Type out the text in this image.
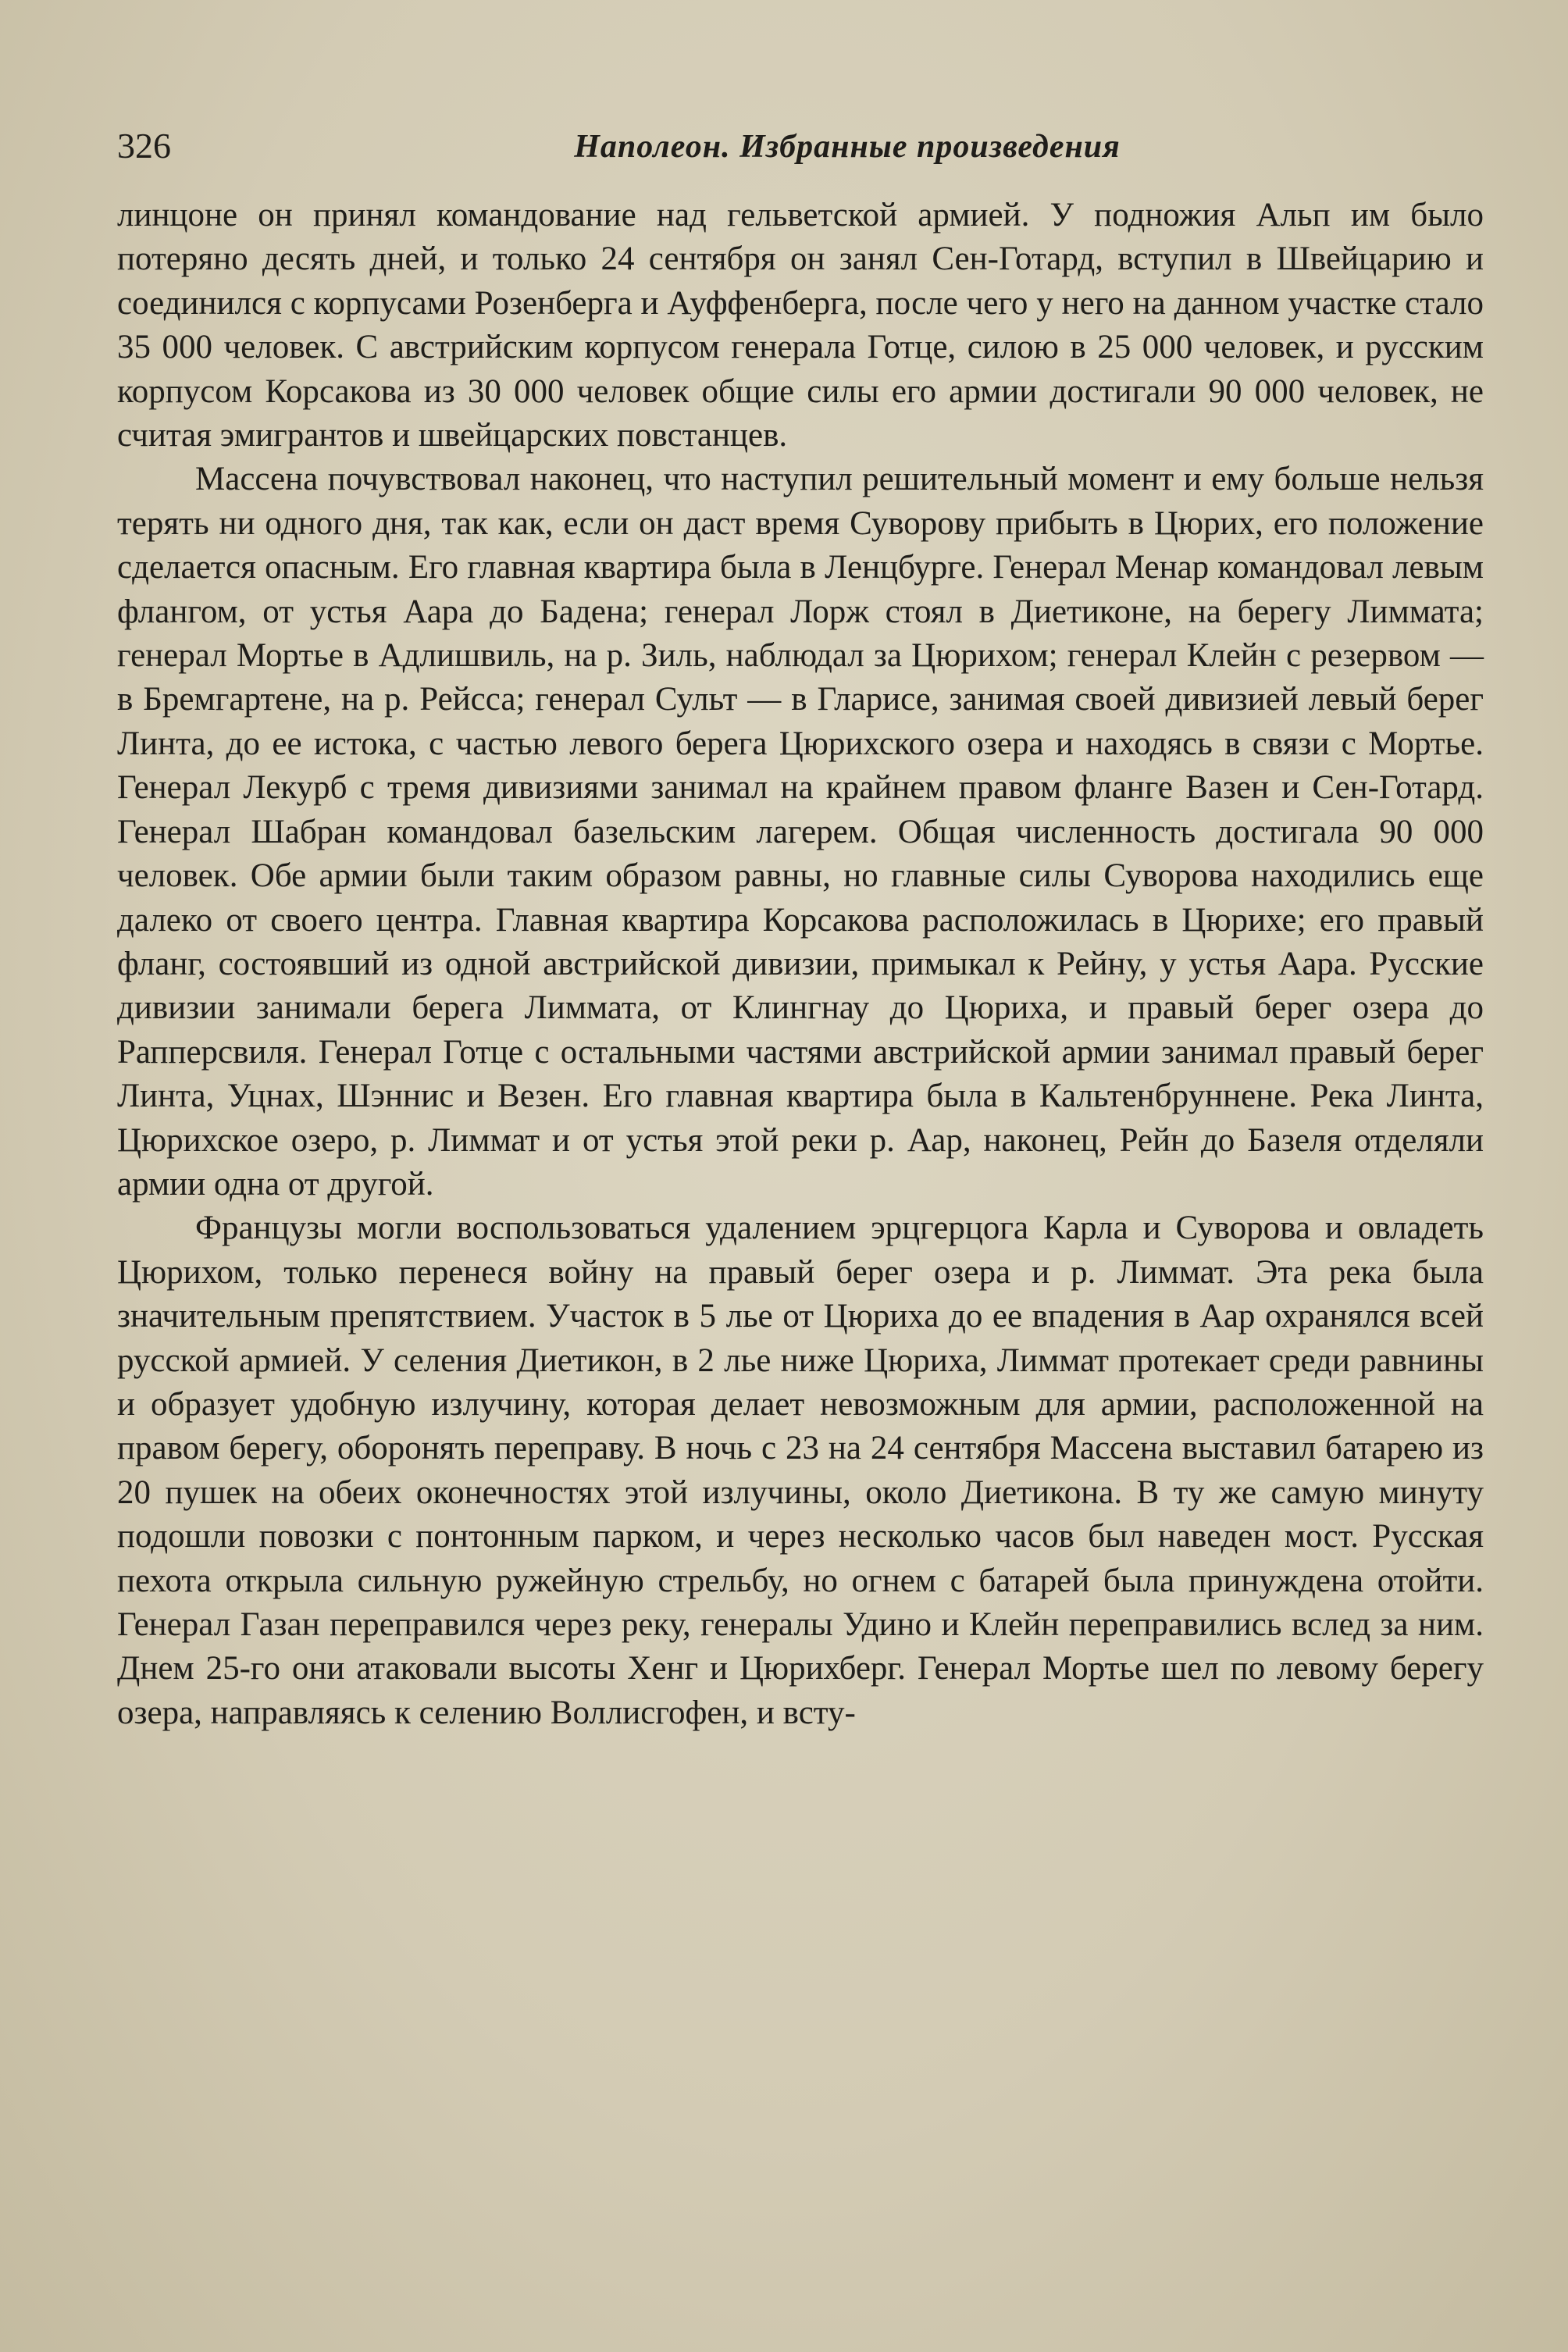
326	Наполеон. Избранные произведения

линцоне он принял командование над гельветской армией. У подножия Альп им было потеряно десять дней, и только 24 сентября он занял Сен-Готард, вступил в Швейцарию и соединился с корпусами Розенберга и Ауффенберга, после чего у него на данном участке стало 35 000 человек. С австрийским корпусом генерала Готце, силою в 25 000 человек, и русским корпусом Корсакова из 30 000 человек общие силы его армии достигали 90 000 человек, не считая эмигрантов и швейцарских повстанцев.

Массена почувствовал наконец, что наступил решительный момент и ему больше нельзя терять ни одного дня, так как, если он даст время Суворову прибыть в Цюрих, его положение сделается опасным. Его главная квартира была в Ленцбурге. Генерал Менар командовал левым флангом, от устья Аара до Бадена; генерал Лорж стоял в Диетиконе, на берегу Лиммата; генерал Мортье в Адлишвиль, на р. Зиль, наблюдал за Цюрихом; генерал Клейн с резервом — в Бремгартене, на р. Рейсса; генерал Сульт — в Гларисе, занимая своей дивизией левый берег Линта, до ее истока, с частью левого берега Цюрихского озера и находясь в связи с Мортье. Генерал Лекурб с тремя дивизиями занимал на крайнем правом фланге Вазен и Сен-Готард. Генерал Шабран командовал базельским лагерем. Общая численность достигала 90 000 человек. Обе армии были таким образом равны, но главные силы Суворова находились еще далеко от своего центра. Главная квартира Корсакова расположилась в Цюрихе; его правый фланг, состоявший из одной австрийской дивизии, примыкал к Рейну, у устья Аара. Русские дивизии занимали берега Лиммата, от Клингнау до Цюриха, и правый берег озера до Рапперсвиля. Генерал Готце с остальными частями австрийской армии занимал правый берег Линта, Уцнах, Шэннис и Везен. Его главная квартира была в Кальтенбруннене. Река Линта, Цюрихское озеро, р. Лиммат и от устья этой реки р. Аар, наконец, Рейн до Базеля отделяли армии одна от другой.

Французы могли воспользоваться удалением эрцгерцога Карла и Суворова и овладеть Цюрихом, только перенеся войну на правый берег озера и р. Лиммат. Эта река была значительным препятствием. Участок в 5 лье от Цюриха до ее впадения в Аар охранялся всей русской армией. У селения Диетикон, в 2 лье ниже Цюриха, Лиммат протекает среди равнины и образует удобную излучину, которая делает невозможным для армии, расположенной на правом берегу, оборонять переправу. В ночь с 23 на 24 сентября Массена выставил батарею из 20 пушек на обеих оконечностях этой излучины, около Диетикона. В ту же самую минуту подошли повозки с понтонным парком, и через несколько часов был наведен мост. Русская пехота открыла сильную ружейную стрельбу, но огнем с батарей была принуждена отойти. Генерал Газан переправился через реку, генералы Удино и Клейн переправились вслед за ним. Днем 25-го они атаковали высоты Хенг и Цюрихберг. Генерал Мортье шел по левому берегу озера, направляясь к селению Воллисгофен, и всту-
